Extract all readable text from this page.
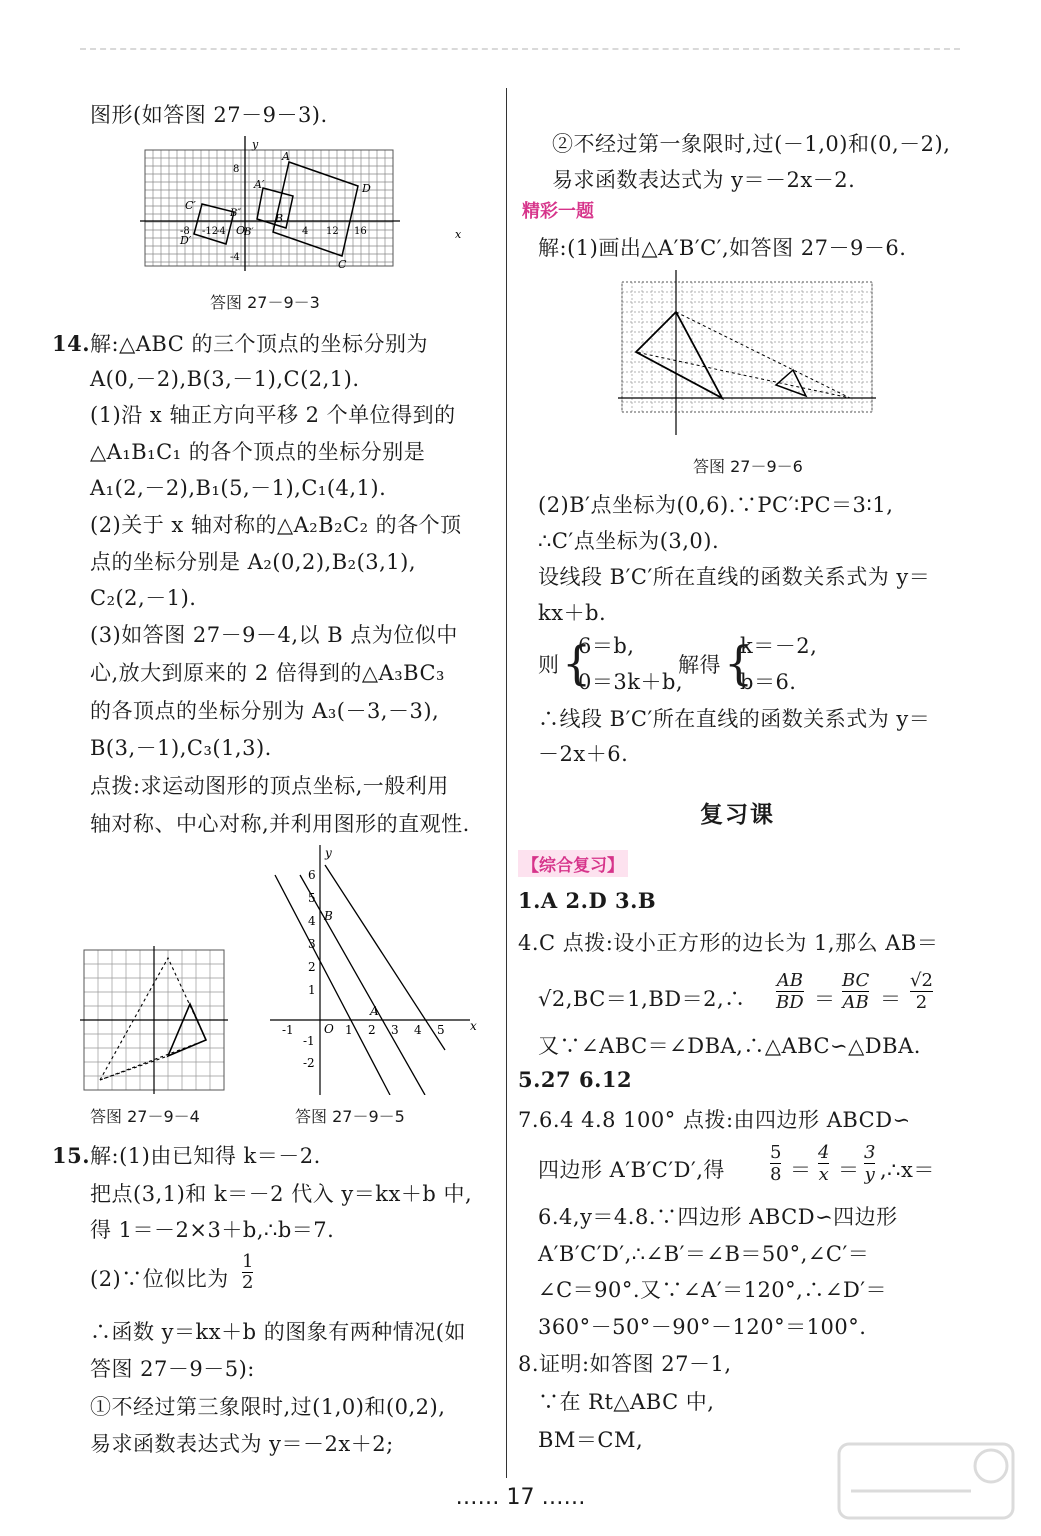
图形(如答图 27－9－3).
y
x
A
D
C′
A′
B″	B
D′
O
B′
C
-12
-8	-4	4 12 16
8
-4
答图 27－9－3
14. 解:△ABC 的三个顶点的坐标分别为
A(0,－2),B(3,－1),C(2,1).
(1)沿 x 轴正方向平移 2 个单位得到的
△A₁B₁C₁ 的各个顶点的坐标分别是
A₁(2,－2),B₁(5,－1),C₁(4,1).
(2)关于 x 轴对称的△A₂B₂C₂ 的各个顶
点的坐标分别是 A₂(0,2),B₂(3,1),
C₂(2,－1).
(3)如答图 27－9－4,以 B 点为位似中
心,放大到原来的 2 倍得到的△A₃BC₃
的各顶点的坐标分别为 A₃(－3,－3),
B(3,－1),C₃(1,3).
点拨:求运动图形的顶点坐标,一般利用
轴对称、中心对称,并利用图形的直观性.
答图 27－9－4
y
x
B
A
O
6
5
4
3
2
1
-1
-2
-1	1 2 3 4 5
答图 27－9－5
15. 解:(1)由已知得 k＝－2.
把点(3,1)和 k＝－2 代入 y＝kx＋b 中,
得 1＝－2×3＋b,∴b＝7.
(2)∵位似比为 $\frac{1}{2}$
∴函数 y＝kx＋b 的图象有两种情况(如
答图 27－9－5):
①不经过第三象限时,过(1,0)和(0,2),
易求函数表达式为 y＝－2x＋2;
②不经过第一象限时,过(－1,0)和(0,－2),
易求函数表达式为 y＝－2x－2.
精彩一题
解:(1)画出△A′B′C′,如答图 27－9－6.
答图 27－9－6
(2)B′点坐标为(0,6).∵PC′∶PC＝3∶1,
∴C′点坐标为(3,0).
设线段 B′C′所在直线的函数关系式为 y＝
kx＋b.
则 {
6＝b,
0＝3k＋b,
解得 {
k＝－2,
b＝6.
∴线段 B′C′所在直线的函数关系式为 y＝
－2x＋6.
复习课
【综合复习】
1.A 2.D 3.B
4.C 点拨:设小正方形的边长为 1,那么 AB＝
√2,BC＝1,BD＝2,∴ $\frac{AB}{BD} = \frac{BC}{AB} = \frac{√2}{2}$
又∵∠ABC＝∠DBA,∴△ABC∽△DBA.
5.27 6.12
7.6.4 4.8 100° 点拨:由四边形 ABCD∽
四边形 A′B′C′D′,得	$\frac{5}{8} = \frac{4}{x} = \frac{3}{y}$ ,∴x＝
6.4,y＝4.8.∵四边形 ABCD∽四边形
A′B′C′D′,∴∠B′＝∠B＝50°,∠C′＝
∠C＝90°.又∵∠A′＝120°,∴∠D′＝
360°－50°－90°－120°＝100°.
8.证明:如答图 27－1,
∵在 Rt△ABC 中,
BM＝CM,
…… 17 ……
